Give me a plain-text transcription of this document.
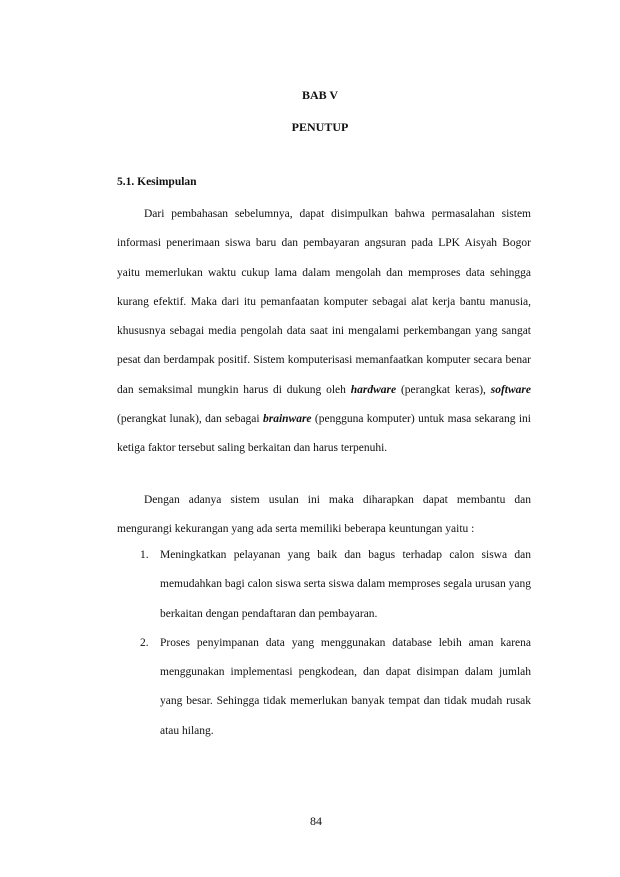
BAB V

PENUTUP

5.1. Kesimpulan

Dari pembahasan sebelumnya, dapat disimpulkan bahwa permasalahan sistem informasi penerimaan siswa baru dan pembayaran angsuran pada LPK Aisyah Bogor yaitu memerlukan waktu cukup lama dalam mengolah dan memproses data sehingga kurang efektif. Maka dari itu pemanfaatan komputer sebagai alat kerja bantu manusia, khususnya sebagai media pengolah data saat ini mengalami perkembangan yang sangat pesat dan berdampak positif. Sistem komputerisasi memanfaatkan komputer secara benar dan semaksimal mungkin harus di dukung oleh hardware (perangkat keras), software (perangkat lunak), dan sebagai brainware (pengguna komputer) untuk masa sekarang ini ketiga faktor tersebut saling berkaitan dan harus terpenuhi.

Dengan adanya sistem usulan ini maka diharapkan dapat membantu dan mengurangi kekurangan yang ada serta memiliki beberapa keuntungan yaitu :

1. Meningkatkan pelayanan yang baik dan bagus terhadap calon siswa dan memudahkan bagi calon siswa serta siswa dalam memproses segala urusan yang berkaitan dengan pendaftaran dan pembayaran.
2. Proses penyimpanan data yang menggunakan database lebih aman karena menggunakan implementasi pengkodean, dan dapat disimpan dalam jumlah yang besar. Sehingga tidak memerlukan banyak tempat dan tidak mudah rusak atau hilang.

84
